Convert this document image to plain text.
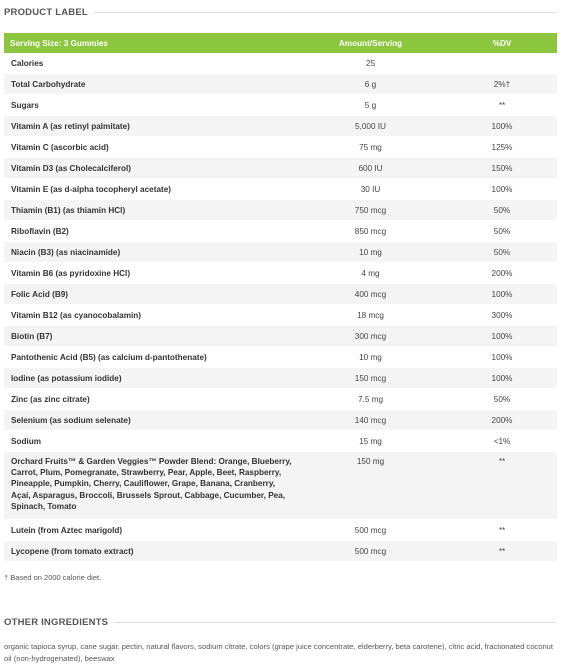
PRODUCT LABEL
Serving Size: 3 Gummies	Amount/Serving	%DV
Calories	25	
Total Carbohydrate	6 g	2%†
Sugars	5 g	**
Vitamin A (as retinyl palmitate)	5,000 IU	100%
Vitamin C (ascorbic acid)	75 mg	125%
Vitamin D3 (as Cholecalciferol)	600 IU	150%
Vitamin E (as d-alpha tocopheryl acetate)	30 IU	100%
Thiamin (B1) (as thiamin HCl)	750 mcg	50%
Riboflavin (B2)	850 mcg	50%
Niacin (B3) (as niacinamide)	10 mg	50%
Vitamin B6 (as pyridoxine HCl)	4 mg	200%
Folic Acid (B9)	400 mcg	100%
Vitamin B12 (as cyanocobalamin)	18 mcg	300%
Biotin (B7)	300 mcg	100%
Pantothenic Acid (B5) (as calcium d-pantothenate)	10 mg	100%
Iodine (as potassium iodide)	150 mcg	100%
Zinc (as zinc citrate)	7.5 mg	50%
Selenium (as sodium selenate)	140 mcg	200%
Sodium	15 mg	<1%
Orchard Fruits™ & Garden Veggies™ Powder Blend: Orange, Blueberry, Carrot, Plum, Pomegranate, Strawberry, Pear, Apple, Beet, Raspberry, Pineapple, Pumpkin, Cherry, Cauliflower, Grape, Banana, Cranberry, Açaí, Asparagus, Broccoli, Brussels Sprout, Cabbage, Cucumber, Pea, Spinach, Tomato	150 mg	**
Lutein (from Aztec marigold)	500 mcg	**
Lycopene (from tomato extract)	500 mcg	**
† Based on 2000 calorie diet.
OTHER INGREDIENTS
organic tapioca syrup, cane sugar, pectin, natural flavors, sodium citrate, colors (grape juice concentrate, elderberry, beta carotene), citric acid, fractionated coconut oil (non-hydrogenated), beeswax
